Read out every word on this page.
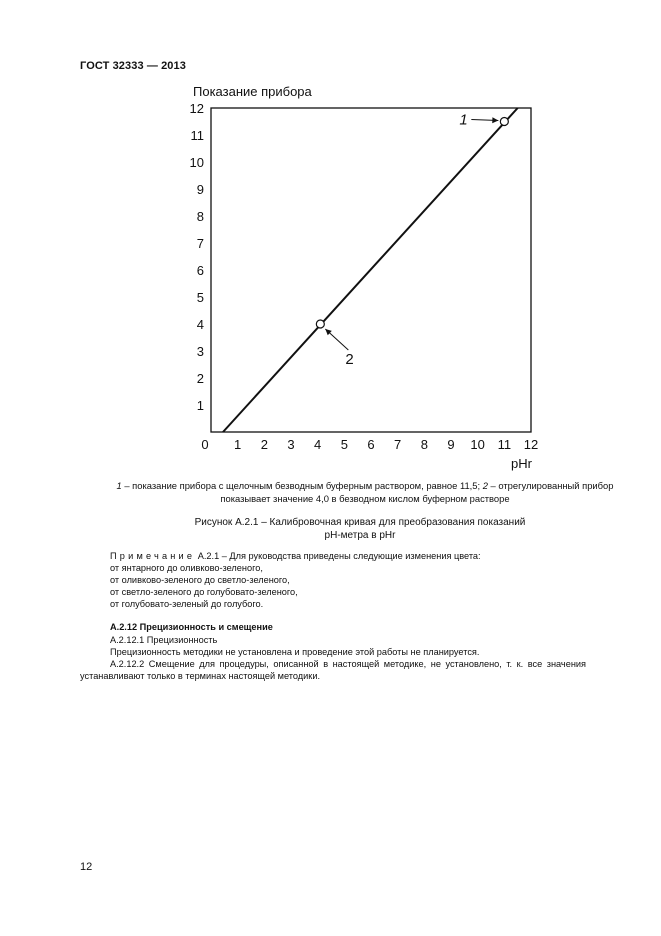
ГОСТ 32333 — 2013
Показание прибора
1
2
3
4
5
6
7
8
9
10
11
12
0 1 2 3 4 5 6 7 8 9 10 11 12
pHr
2
1
1 – показание прибора с щелочным безводным буферным раствором, равное 11,5; 2 – отрегулированный прибор показывает значение 4,0 в безводном кислом буферном растворе
Рисунок А.2.1 – Калибровочная кривая для преобразования показаний
pH-метра в pHr
Примечание А.2.1 – Для руководства приведены следующие изменения цвета:
от янтарного до оливково-зеленого,
от оливково-зеленого до светло-зеленого,
от светло-зеленого до голубовато-зеленого,
от голубовато-зеленый до голубого.
А.2.12 Прецизионность и смещение
А.2.12.1 Прецизионность
Прецизионность методики не установлена и проведение этой работы не планируется.
А.2.12.2 Смещение для процедуры, описанной в настоящей методике, не установлено, т. к. все значения устанавливают только в терминах настоящей методики.
12
